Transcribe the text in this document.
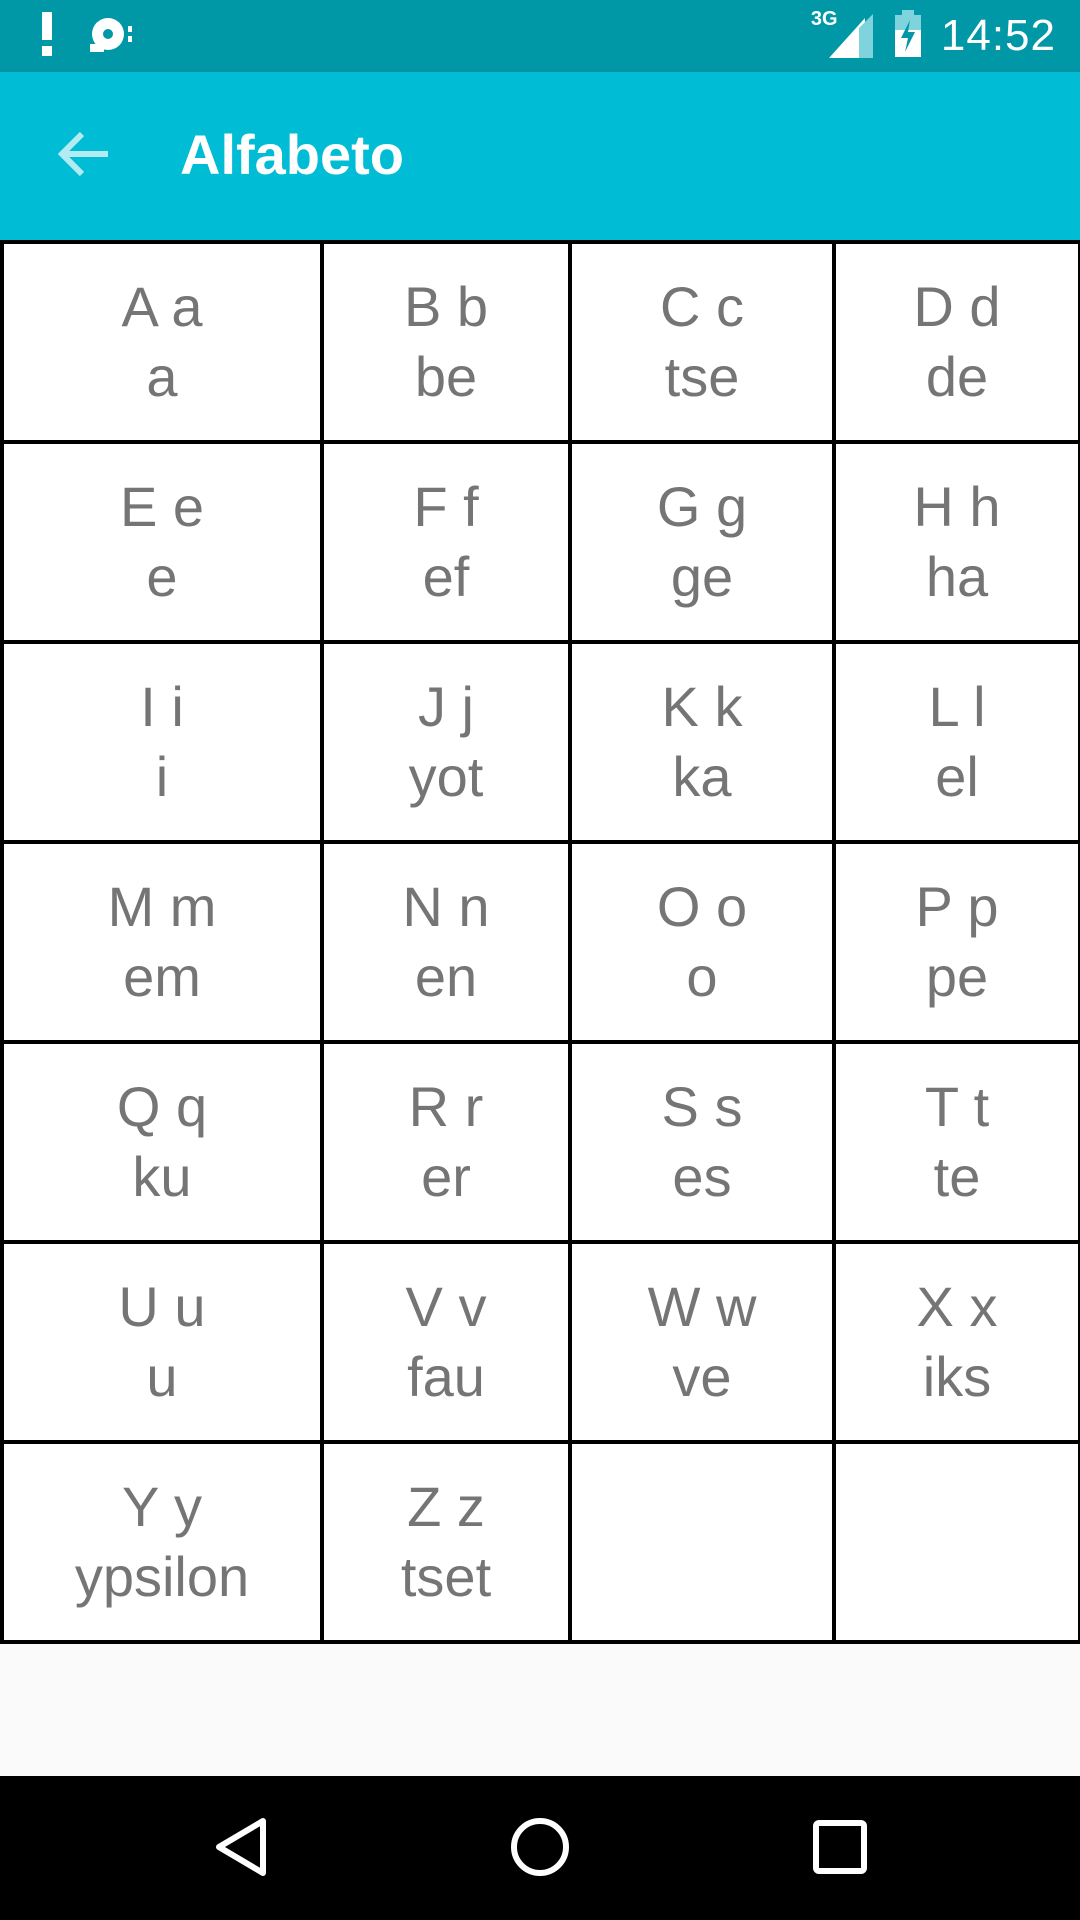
3G 14:52
Alfabeto
A a
a
B b
be
C c
tse
D d
de
E e
e
F f
ef
G g
ge
H h
ha
I i
i
J j
yot
K k
ka
L l
el
M m
em
N n
en
O o
o
P p
pe
Q q
ku
R r
er
S s
es
T t
te
U u
u
V v
fau
W w
ve
X x
iks
Y y
ypsilon
Z z
tset
